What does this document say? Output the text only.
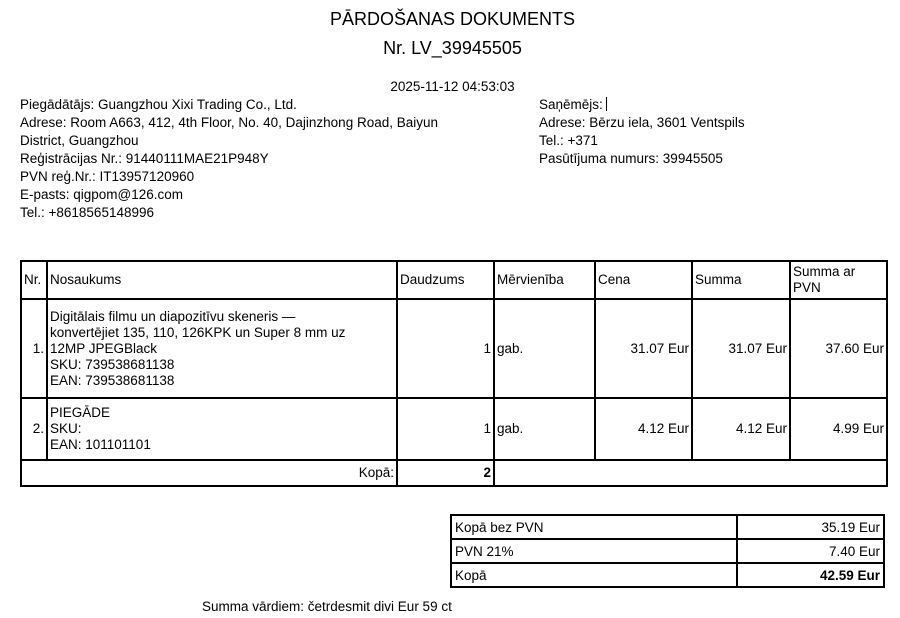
PĀRDOŠANAS DOKUMENTS
Nr. LV_39945505
2025-11-12 04:53:03
Piegādātājs: Guangzhou Xixi Trading Co., Ltd.
Adrese: Room A663, 412, 4th Floor, No. 40, Dajinzhong Road, Baiyun
District, Guangzhou
Reģistrācijas Nr.: 91440111MAE21P948Y
PVN reģ.Nr.: IT13957120960
E-pasts: qigpom@126.com
Tel.: +8618565148996
Saņēmējs:
Adrese: Bērzu iela, 3601 Ventspils
Tel.: +371
Pasūtījuma numurs: 39945505
Nr.	Nosaukums	Daudzums	Mērvienība	Cena	Summa	Summa ar PVN
1.	Digitālais filmu un diapozitīvu skeneris —
konvertējiet 135, 110, 126KPK un Super 8 mm uz
12MP JPEGBlack
SKU: 739538681138
EAN: 739538681138	1	gab.	31.07 Eur	31.07 Eur	37.60 Eur
2.	PIEGĀDE
SKU:
EAN: 101101101	1	gab.	4.12 Eur	4.12 Eur	4.99 Eur
Kopā:		2				
Kopā bez PVN	35.19 Eur
PVN 21%	7.40 Eur
Kopā	42.59 Eur
Summa vārdiem: četrdesmit divi Eur 59 ct
